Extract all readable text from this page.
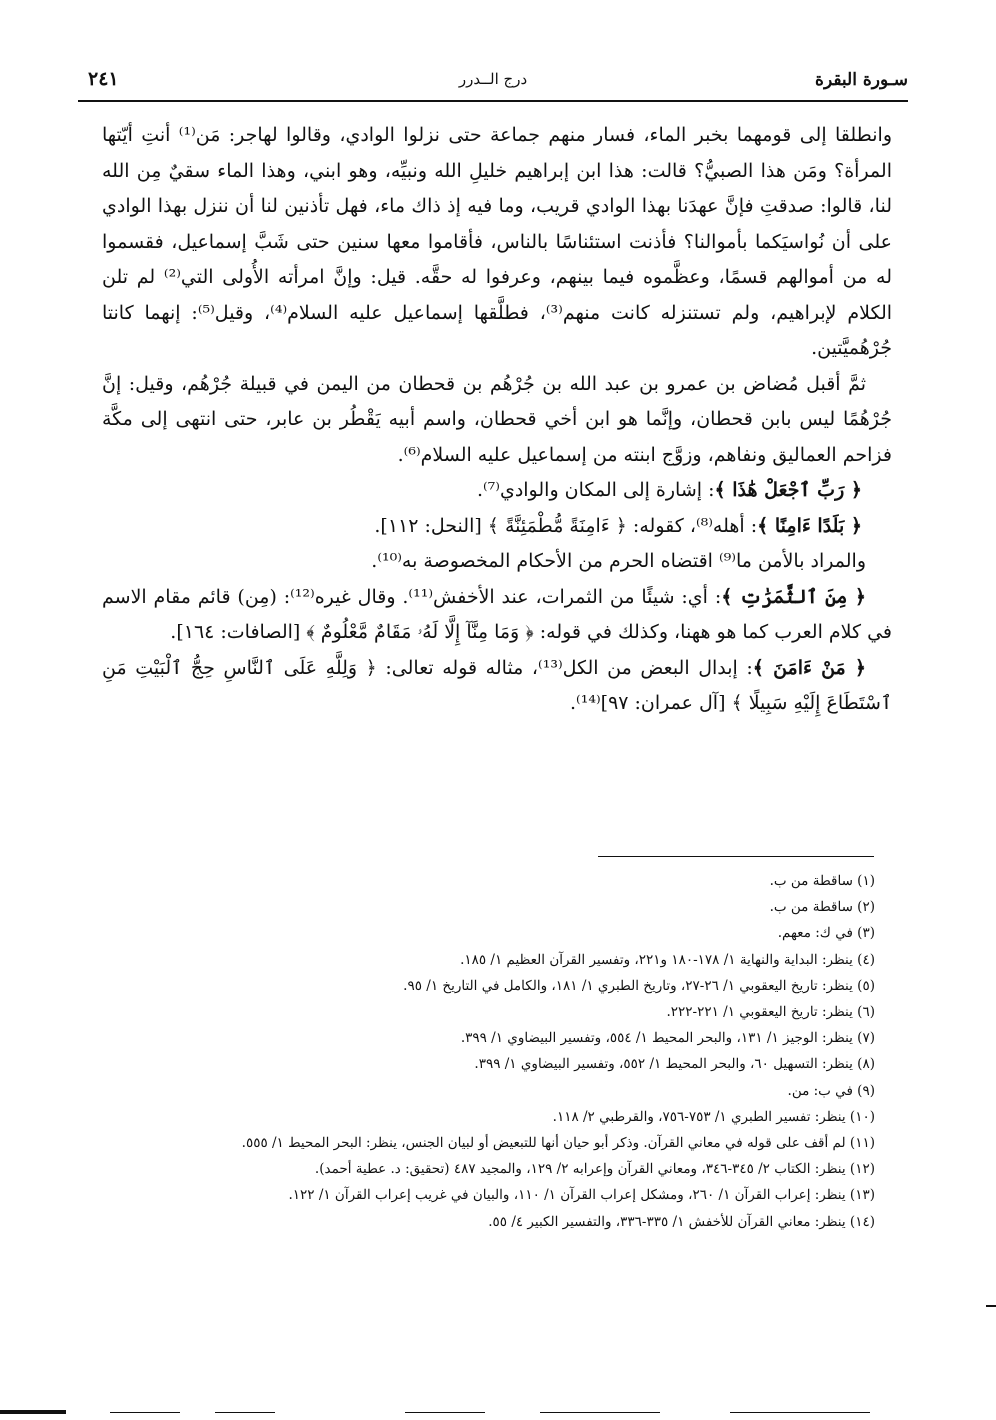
سـورة البقرة
درج الــدرر
٢٤١

وانطلقا إلى قومهما بخبر الماء، فسار منهم جماعة حتى نزلوا الوادي، وقالوا لهاجر: مَن⁽¹⁾ أنتِ أيّتها المرأة؟ ومَن هذا الصبيُّ؟ قالت: هذا ابن إبراهيم خليلِ الله ونبيِّه، وهو ابني، وهذا الماء سقيٌ مِن الله لنا، قالوا: صدقتِ فإنَّ عهدَنا بهذا الوادي قريب، وما فيه إذ ذاك ماء، فهل تأذنين لنا أن ننزل بهذا الوادي على أن نُواسيَكما بأموالنا؟ فأذنت استئناسًا بالناس، فأقاموا معها سنين حتى شَبَّ إسماعيل، فقسموا له من أموالهم قسمًا، وعظَّموه فيما بينهم، وعرفوا له حقَّه. قيل: وإنَّ امرأته الأُولى التي⁽²⁾ لم تلن الكلام لإبراهيم، ولم تستنزله كانت منهم⁽³⁾، فطلَّقها إسماعيل عليه السلام⁽⁴⁾، وقيل⁽⁵⁾: إنهما كانتا جُرْهُميَّتين.

ثمَّ أقبل مُضاض بن عمرو بن عبد الله بن جُرْهُم بن قحطان من اليمن في قبيلة جُرْهُم، وقيل: إنَّ جُرْهُمًا ليس بابن قحطان، وإنَّما هو ابن أخي قحطان، واسم أبيه يَقْطُر بن عابر، حتى انتهى إلى مكَّة فزاحم العماليق ونفاهم، وزوَّج ابنته من إسماعيل عليه السلام⁽⁶⁾.

﴿ رَبِّ ٱجْعَلْ هَٰذَا ﴾: إشارة إلى المكان والوادي⁽⁷⁾.

﴿ بَلَدًا ءَامِنًا ﴾: أهله⁽⁸⁾، كقوله: ﴿ ءَامِنَةً مُّطْمَئِنَّةً ﴾ [النحل: ١١٢].

والمراد بالأمن ما⁽⁹⁾ اقتضاه الحرم من الأحكام المخصوصة به⁽¹⁰⁾.

﴿ مِنَ ٱلثَّمَرَٰتِ ﴾: أي: شيئًا من الثمرات، عند الأخفش⁽¹¹⁾. وقال غيره⁽¹²⁾: (مِن) قائم مقام الاسم في كلام العرب كما هو ههنا، وكذلك في قوله: ﴿ وَمَا مِنَّآ إِلَّا لَهُۥ مَقَامٌ مَّعْلُومٌ ﴾ [الصافات: ١٦٤].

﴿ مَنْ ءَامَنَ ﴾: إبدال البعض من الكل⁽¹³⁾، مثاله قوله تعالى: ﴿ وَلِلَّهِ عَلَى ٱلنَّاسِ حِجُّ ٱلْبَيْتِ مَنِ ٱسْتَطَاعَ إِلَيْهِ سَبِيلًا ﴾ [آل عمران: ٩٧]⁽¹⁴⁾.

(١) ساقطة من ب.
(٢) ساقطة من ب.
(٣) في ك: معهم.
(٤) ينظر: البداية والنهاية ١/ ١٧٨-١٨٠ و٢٢١، وتفسير القرآن العظيم ١/ ١٨٥.
(٥) ينظر: تاريخ اليعقوبي ١/ ٢٦-٢٧، وتاريخ الطبري ١/ ١٨١، والكامل في التاريخ ١/ ٩٥.
(٦) ينظر: تاريخ اليعقوبي ١/ ٢٢١-٢٢٢.
(٧) ينظر: الوجيز ١/ ١٣١، والبحر المحيط ١/ ٥٥٤، وتفسير البيضاوي ١/ ٣٩٩.
(٨) ينظر: التسهيل ٦٠، والبحر المحيط ١/ ٥٥٢، وتفسير البيضاوي ١/ ٣٩٩.
(٩) في ب: من.
(١٠) ينظر: تفسير الطبري ١/ ٧٥٣-٧٥٦، والقرطبي ٢/ ١١٨.
(١١) لم أقف على قوله في معاني القرآن. وذكر أبو حيان أنها للتبعيض أو لبيان الجنس، ينظر: البحر المحيط ١/ ٥٥٥.
(١٢) ينظر: الكتاب ٢/ ٣٤٥-٣٤٦، ومعاني القرآن وإعرابه ٢/ ١٢٩، والمجيد ٤٨٧ (تحقيق: د. عطية أحمد).
(١٣) ينظر: إعراب القرآن ١/ ٢٦٠، ومشكل إعراب القرآن ١/ ١١٠، والبيان في غريب إعراب القرآن ١/ ١٢٢.
(١٤) ينظر: معاني القرآن للأخفش ١/ ٣٣٥-٣٣٦، والتفسير الكبير ٤/ ٥٥.
